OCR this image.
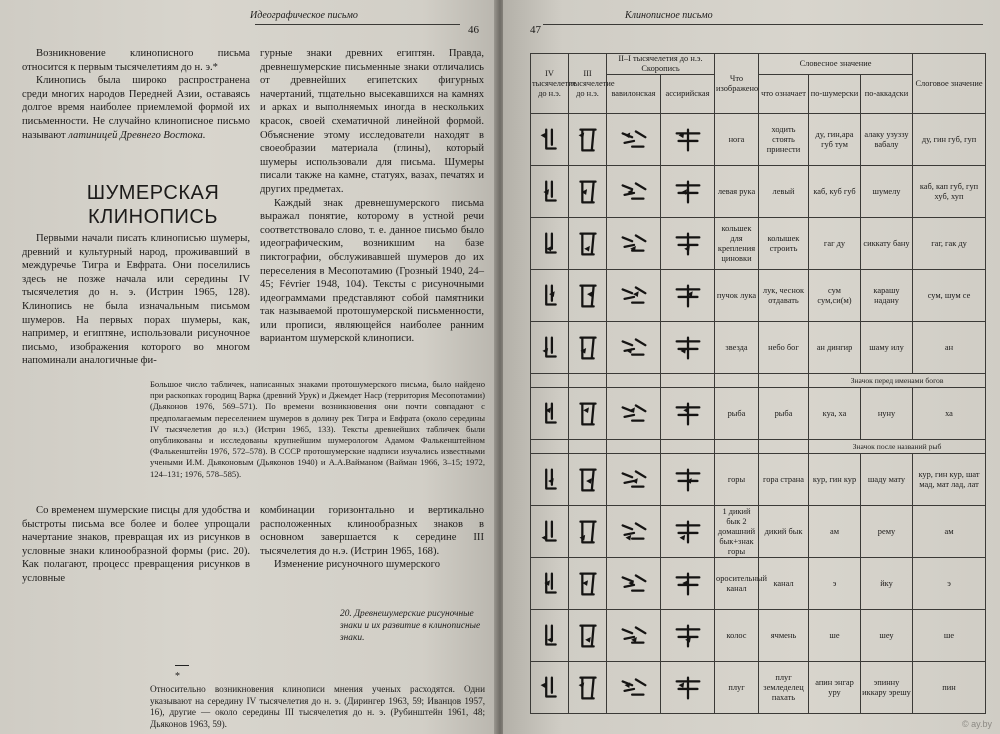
Идеографическое письмо
46

Возникновение клинописного письма относится к первым тысячелетиям до н. э.*

Клинопись была широко распространена среди многих народов Передней Азии, оставаясь долгое время наиболее приемлемой формой их письменности. Не случайно клинописное письмо называют латиницей Древнего Востока.

ШУМЕРСКАЯ КЛИНОПИСЬ

Первыми начали писать клинописью шумеры, древний и культурный народ, проживавший в междуречье Тигра и Евфрата. Они поселились здесь не позже начала или середины IV тысячелетия до н. э. (Истрин 1965, 128). Клинопись не была изначальным письмом шумеров. На первых порах шумеры, как, например, и египтяне, использовали рисуночное письмо, изображения которого во многом напоминали аналогичные фи-

гурные знаки древних египтян. Правда, древнешумерские письменные знаки отличались от древнейших египетских фигурных начертаний, тщательно высекавшихся на камнях и арках и выполняемых иногда в нескольких красок, своей схематичной линейной формой. Объяснение этому исследователи находят в своеобразии материала (глины), который шумеры использовали для письма. Шумеры писали также на камне, статуях, вазах, печатях и других предметах.

Каждый знак древнешумерского письма выражал понятие, которому в устной речи соответствовало слово, т. е. данное письмо было идеографическим, возникшим на базе пиктографии, обслуживавшей шумеров до их переселения в Месопотамию (Грозный 1940, 24–45; Février 1948, 104). Тексты с рисуночными идеограммами представляют собой памятники так называемой протошумерской письменности, или прописи, являющейся наиболее ранним вариантом шумерской клинописи.

Большое число табличек, написанных знаками протошумерского письма, было найдено при раскопках городищ Варка (древний Урук) и Джемдет Наср (территория Месопотамии) (Дьяконов 1976, 569–571). По времени возникновения они почти совпадают с предполагаемым переселением шумеров в долину рек Тигра и Евфрата (около середины IV тысячелетия до н.э.) (Истрин 1965, 133). Тексты древнейших табличек были опубликованы и исследованы крупнейшим шумерологом Адамом Фалькенштейном (Фалькенштейн 1976, 572–578). В СССР протошумерские надписи изучались известными учеными И.М. Дьяконовым (Дьяконов 1940) и А.А.Вайманом (Вайман 1966, 3–15; 1972, 124–131; 1976, 578–585).

Со временем шумерские писцы для удобства и быстроты письма все более и более упрощали начертание знаков, превращая их из рисунков в условные знаки клинообразной формы (рис. 20). Как полагают, процесс превращения рисунков в условные

комбинации горизонтально и вертикально расположенных клинообразных знаков в основном завершается к середине III тысячелетия до н.э. (Истрин 1965, 168).

Изменение рисуночного шумерского

20. Древнешумерские рисуночные знаки и их развитие в клинописные знаки.
*
Относительно возникновения клинописи мнения ученых расходятся. Одни указывают на середину IV тысячелетия до н. э. (Дирингер 1963, 59; Иванцов 1957, 16), другие — около середины III тысячелетия до н. э. (Рубинштейн 1961, 48; Дьяконов 1963, 59).
47
Клинописное письмо
IV тысячелетие до н.э.	III тысячелетие до н.э.	II–I тысячелетия до н.э. Скоропись		Что изображено	Словесное значение			Слоговое значение
		вавилонская	ассирийская		что означает	по-шумерски	по-аккадски	

	нога	ходить стоять принести	ду, гин,ара губ тум	алаку узуззу вабалу	ду, гин губ, гуп

	левая рука	левый	каб, куб губ	шумелу	каб, кап губ, гуп хуб, хуп

	кольшек для крепления циновки	колышек строить	гаг ду	сиккату бану	гаг, гак ду

	пучок лука	лук, чеснок отдавать	сум сум,си(м)	карашу надану	сум, шум се

	звезда	небо бог	ан дингир	шаму илу	ан
						Значок перед именами богов		

	рыба	рыба	куа, ха	нуну	ха
						Значок после названий рыб		

	горы	гора страна	кур, гин кур	шаду мату	кур, гин кур, шат мад, мат лад, лат

	1 дикий бык 2 домашний бык+знак горы	дикий бык	ам	рему	ам

	оросительный канал	канал	э	йку	э

	колос	ячмень	ше	шеу	ше

	плуг	плуг земледелец пахать	апин энгар уру	эпиннy иккару эрешу	пин
© ay.by
